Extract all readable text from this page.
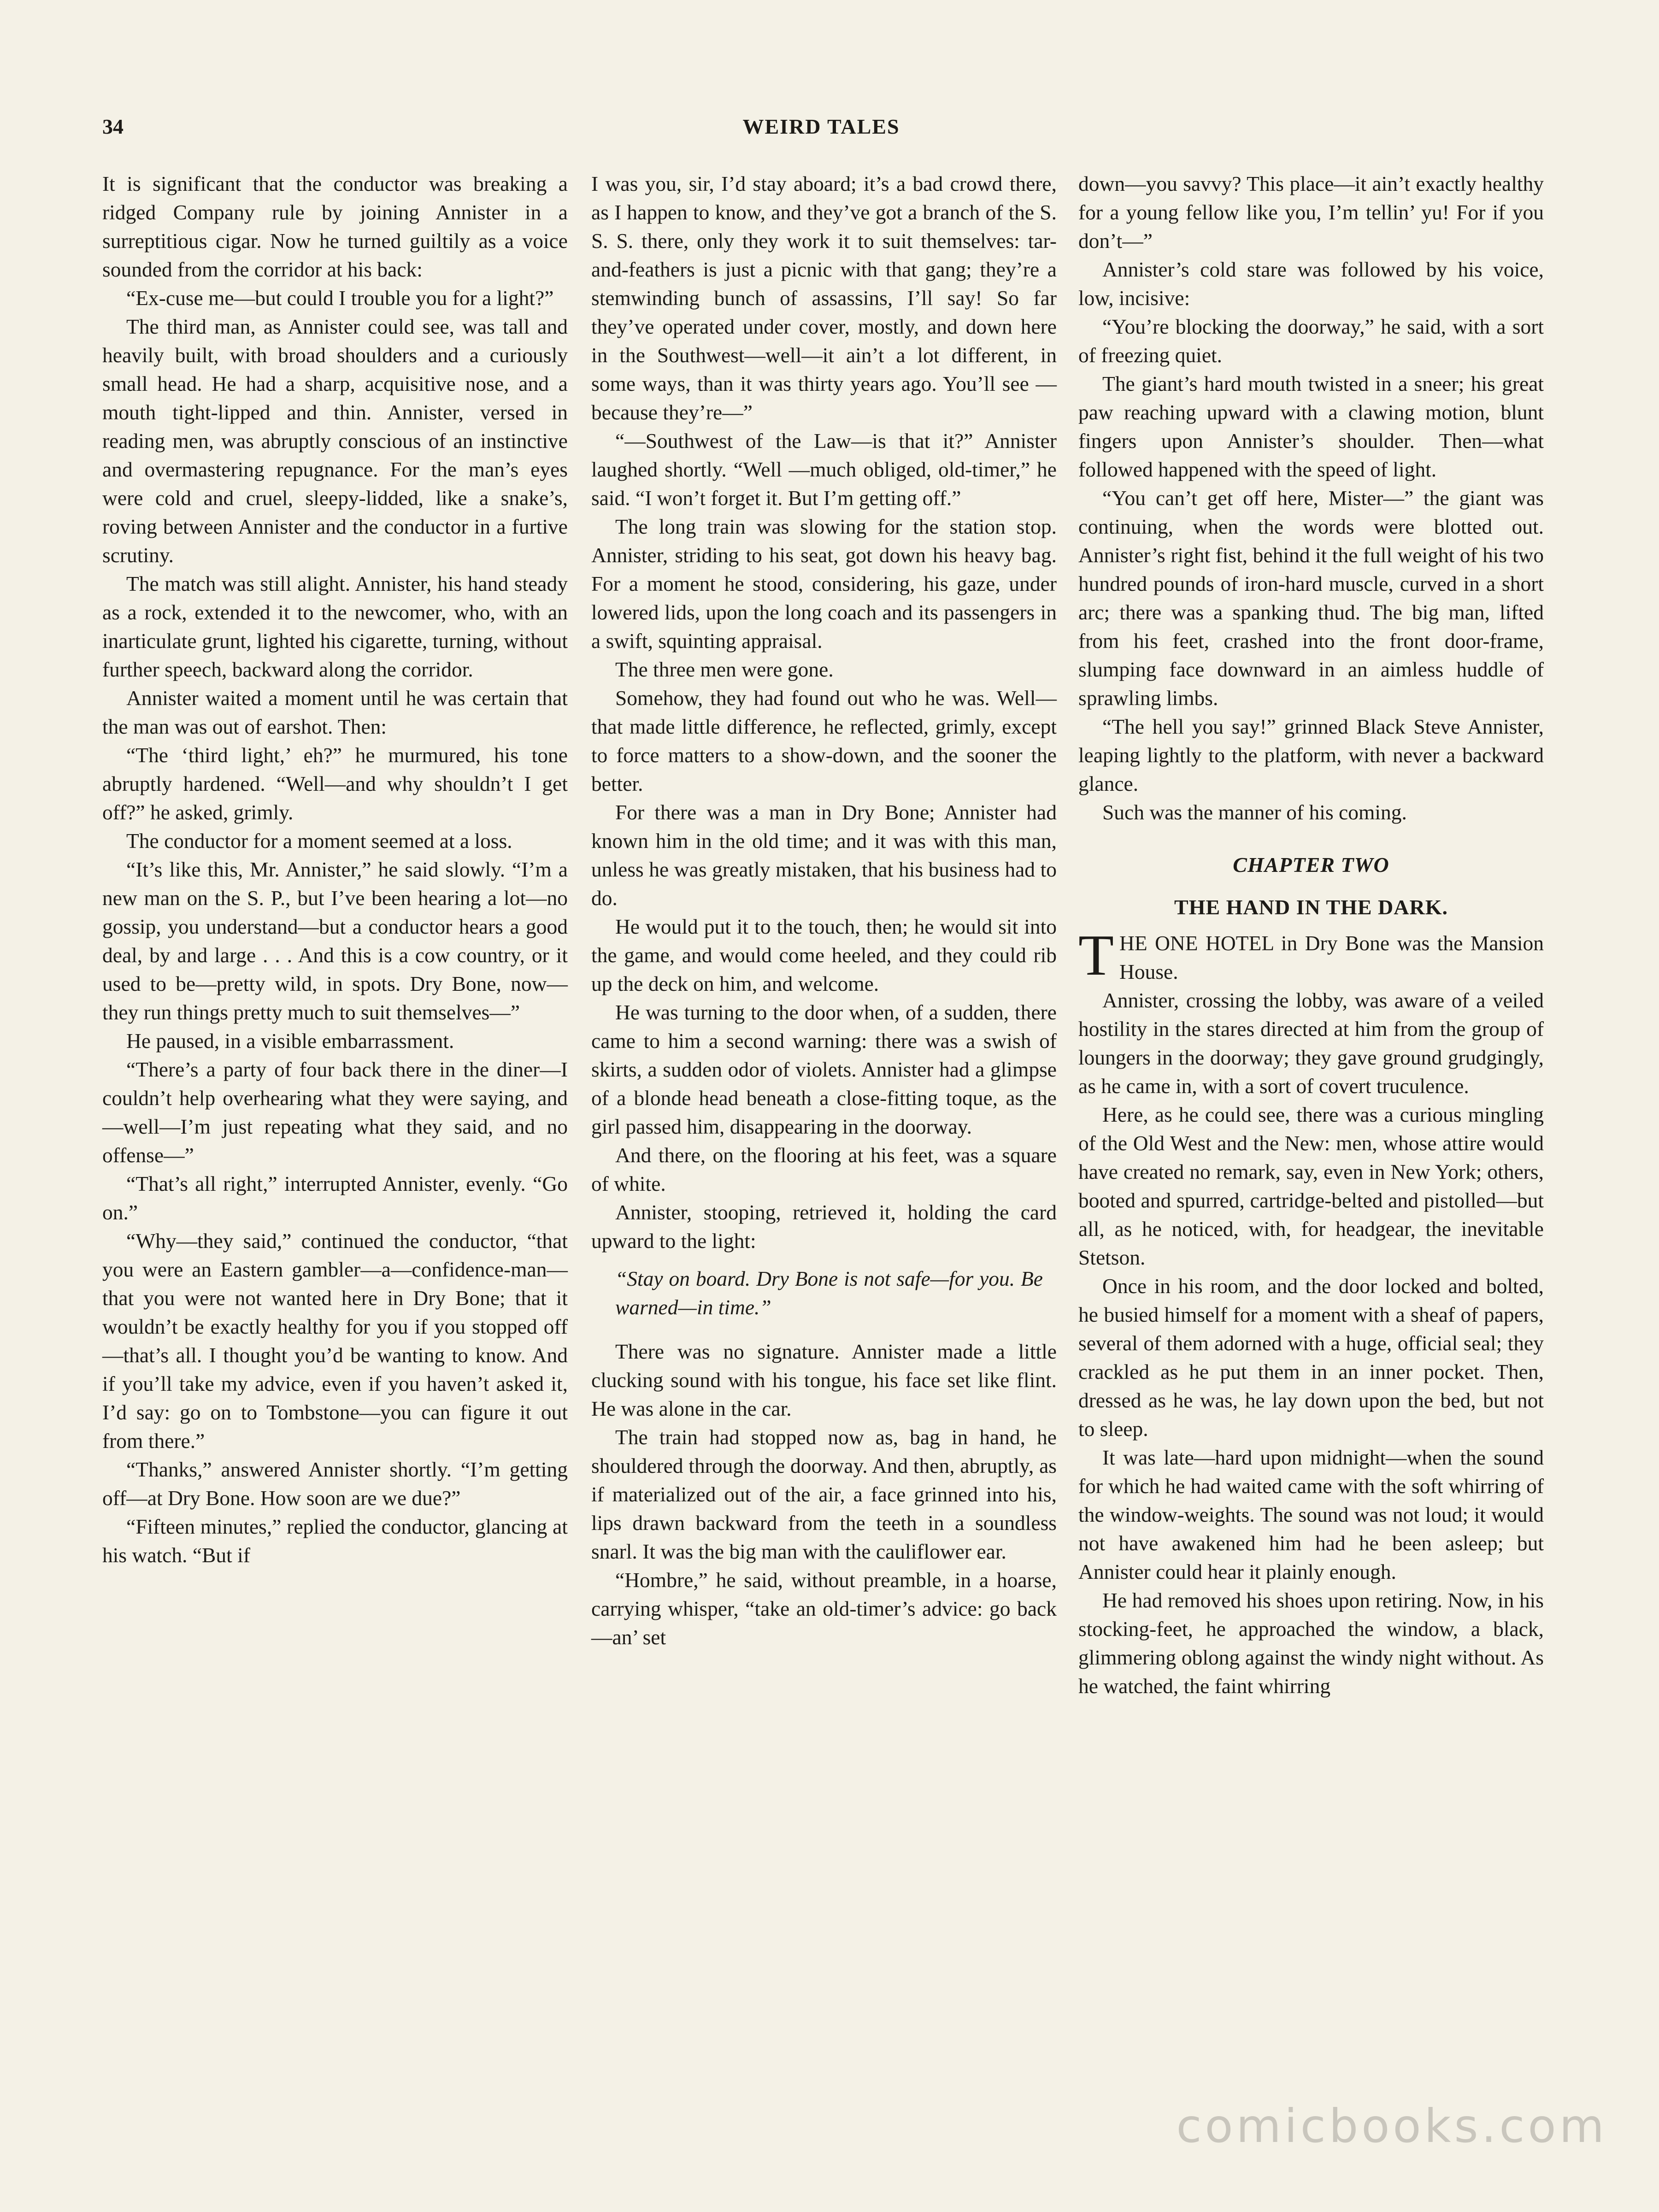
34	WEIRD TALES

It is significant that the conductor was breaking a ridged Company rule by joining Annister in a surreptitious cigar. Now he turned guiltily as a voice sounded from the corridor at his back:

“Ex-cuse me—but could I trouble you for a light?”

The third man, as Annister could see, was tall and heavily built, with broad shoulders and a curiously small head. He had a sharp, acquisitive nose, and a mouth tight-lipped and thin. Annister, versed in reading men, was abruptly conscious of an instinctive and overmastering repugnance. For the man’s eyes were cold and cruel, sleepy-lidded, like a snake’s, roving between Annister and the conductor in a furtive scrutiny.

The match was still alight. Annister, his hand steady as a rock, extended it to the newcomer, who, with an inarticulate grunt, lighted his cigarette, turning, without further speech, backward along the corridor.

Annister waited a moment until he was certain that the man was out of earshot. Then:

“The ‘third light,’ eh?” he murmured, his tone abruptly hardened. “Well—and why shouldn’t I get off?” he asked, grimly.

The conductor for a moment seemed at a loss.

“It’s like this, Mr. Annister,” he said slowly. “I’m a new man on the S. P., but I’ve been hearing a lot—no gossip, you understand—but a conductor hears a good deal, by and large . . . And this is a cow country, or it used to be—pretty wild, in spots. Dry Bone, now—they run things pretty much to suit themselves—”

He paused, in a visible embarrassment.

“There’s a party of four back there in the diner—I couldn’t help overhearing what they were saying, and—well—I’m just repeating what they said, and no offense—”

“That’s all right,” interrupted Annister, evenly. “Go on.”

“Why—they said,” continued the conductor, “that you were an Eastern gambler—a—confidence-man—that you were not wanted here in Dry Bone; that it wouldn’t be exactly healthy for you if you stopped off—that’s all. I thought you’d be wanting to know. And if you’ll take my advice, even if you haven’t asked it, I’d say: go on to Tombstone—you can figure it out from there.”

“Thanks,” answered Annister shortly. “I’m getting off—at Dry Bone. How soon are we due?”

“Fifteen minutes,” replied the conductor, glancing at his watch. “But if

I was you, sir, I’d stay aboard; it’s a bad crowd there, as I happen to know, and they’ve got a branch of the S. S. S. there, only they work it to suit themselves: tar-and-feathers is just a picnic with that gang; they’re a stemwinding bunch of assassins, I’ll say! So far they’ve operated under cover, mostly, and down here in the Southwest—well—it ain’t a lot different, in some ways, than it was thirty years ago. You’ll see —because they’re—”

“—Southwest of the Law—is that it?” Annister laughed shortly. “Well —much obliged, old-timer,” he said. “I won’t forget it. But I’m getting off.”

The long train was slowing for the station stop. Annister, striding to his seat, got down his heavy bag. For a moment he stood, considering, his gaze, under lowered lids, upon the long coach and its passengers in a swift, squinting appraisal.

The three men were gone.

Somehow, they had found out who he was. Well—that made little difference, he reflected, grimly, except to force matters to a show-down, and the sooner the better.

For there was a man in Dry Bone; Annister had known him in the old time; and it was with this man, unless he was greatly mistaken, that his business had to do.

He would put it to the touch, then; he would sit into the game, and would come heeled, and they could rib up the deck on him, and welcome.

He was turning to the door when, of a sudden, there came to him a second warning: there was a swish of skirts, a sudden odor of violets. Annister had a glimpse of a blonde head beneath a close-fitting toque, as the girl passed him, disappearing in the doorway.

And there, on the flooring at his feet, was a square of white.

Annister, stooping, retrieved it, holding the card upward to the light:

“Stay on board. Dry Bone is not safe—for you. Be warned—in time.”

There was no signature. Annister made a little clucking sound with his tongue, his face set like flint. He was alone in the car.

The train had stopped now as, bag in hand, he shouldered through the doorway. And then, abruptly, as if materialized out of the air, a face grinned into his, lips drawn backward from the teeth in a soundless snarl. It was the big man with the cauliflower ear.

“Hombre,” he said, without preamble, in a hoarse, carrying whisper, “take an old-timer’s advice: go back—an’ set

down—you savvy? This place—it ain’t exactly healthy for a young fellow like you, I’m tellin’ yu! For if you don’t—”

Annister’s cold stare was followed by his voice, low, incisive:

“You’re blocking the doorway,” he said, with a sort of freezing quiet.

The giant’s hard mouth twisted in a sneer; his great paw reaching upward with a clawing motion, blunt fingers upon Annister’s shoulder. Then—what followed happened with the speed of light.

“You can’t get off here, Mister—” the giant was continuing, when the words were blotted out. Annister’s right fist, behind it the full weight of his two hundred pounds of iron-hard muscle, curved in a short arc; there was a spanking thud. The big man, lifted from his feet, crashed into the front door-frame, slumping face downward in an aimless huddle of sprawling limbs.

“The hell you say!” grinned Black Steve Annister, leaping lightly to the platform, with never a backward glance.

Such was the manner of his coming.

CHAPTER TWO
THE HAND IN THE DARK.

THE ONE HOTEL in Dry Bone was the Mansion House.

Annister, crossing the lobby, was aware of a veiled hostility in the stares directed at him from the group of loungers in the doorway; they gave ground grudgingly, as he came in, with a sort of covert truculence.

Here, as he could see, there was a curious mingling of the Old West and the New: men, whose attire would have created no remark, say, even in New York; others, booted and spurred, cartridge-belted and pistolled—but all, as he noticed, with, for headgear, the inevitable Stetson.

Once in his room, and the door locked and bolted, he busied himself for a moment with a sheaf of papers, several of them adorned with a huge, official seal; they crackled as he put them in an inner pocket. Then, dressed as he was, he lay down upon the bed, but not to sleep.

It was late—hard upon midnight—when the sound for which he had waited came with the soft whirring of the window-weights. The sound was not loud; it would not have awakened him had he been asleep; but Annister could hear it plainly enough.

He had removed his shoes upon retiring. Now, in his stocking-feet, he approached the window, a black, glimmering oblong against the windy night without. As he watched, the faint whirring

comicbooks.com
